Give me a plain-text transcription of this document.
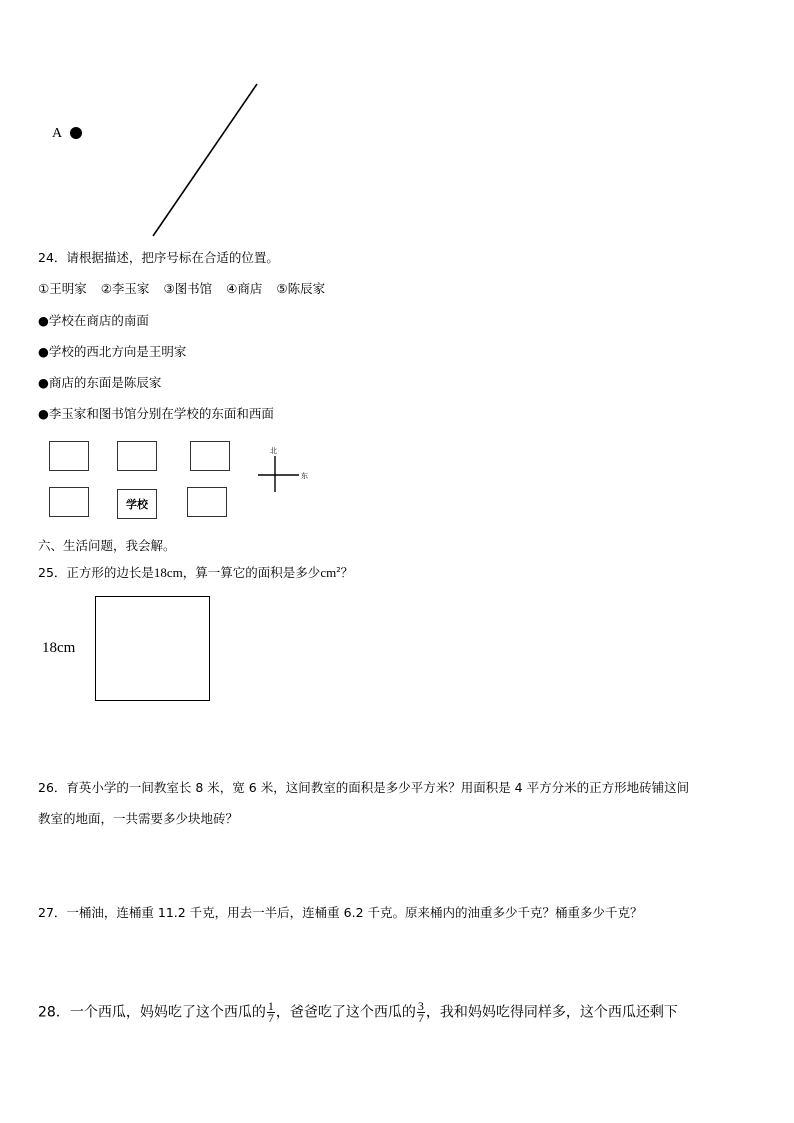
A
24．请根据描述，把序号标在合适的位置。
①王明家 ②李玉家 ③图书馆 ④商店 ⑤陈辰家
●学校在商店的南面
●学校的西北方向是王明家
●商店的东面是陈辰家
●李玉家和图书馆分别在学校的东面和西面
学校
北
东
六、生活问题，我会解。
25．正方形的边长是18cm，算一算它的面积是多少$cm^2$？
18cm
26．育英小学的一间教室长 8 米，宽 6 米，这间教室的面积是多少平方米？用面积是 4 平方分米的正方形地砖铺这间
教室的地面，一共需要多少块地砖？
27．一桶油，连桶重 11.2 千克，用去一半后，连桶重 6.2 千克。原来桶内的油重多少千克？桶重多少千克？
28．一个西瓜，妈妈吃了这个西瓜的 $\frac{1}{7}$ ，爸爸吃了这个西瓜的 $\frac{3}{7}$ ，我和妈妈吃得同样多，这个西瓜还剩下
